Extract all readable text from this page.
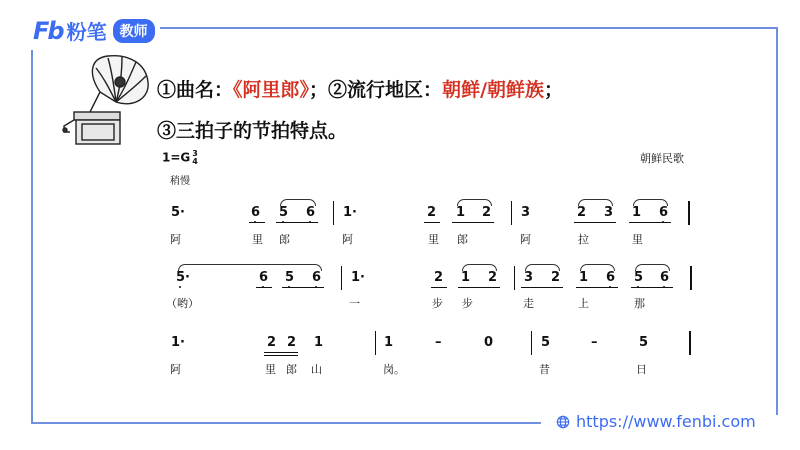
Fb 粉笔 教师
①曲名：《阿里郎》；②流行地区：朝鲜/朝鲜族；
③三拍子的节拍特点。
1=G 3
4
稍慢
朝鲜民歌
5·	6 5 6 1·	2 1 2 3	2 3 1 6
阿	里 郎	阿	里 郎	阿	拉	里
5·	6 5 6 1·	2 1 2 3 2 1 6 5 6
（哟）	一	步 步	走	上	那
1·	2 2 1	1	–	0	5	–	5
阿	里 郎 山	岗。	昔	日
https://www.fenbi.com
